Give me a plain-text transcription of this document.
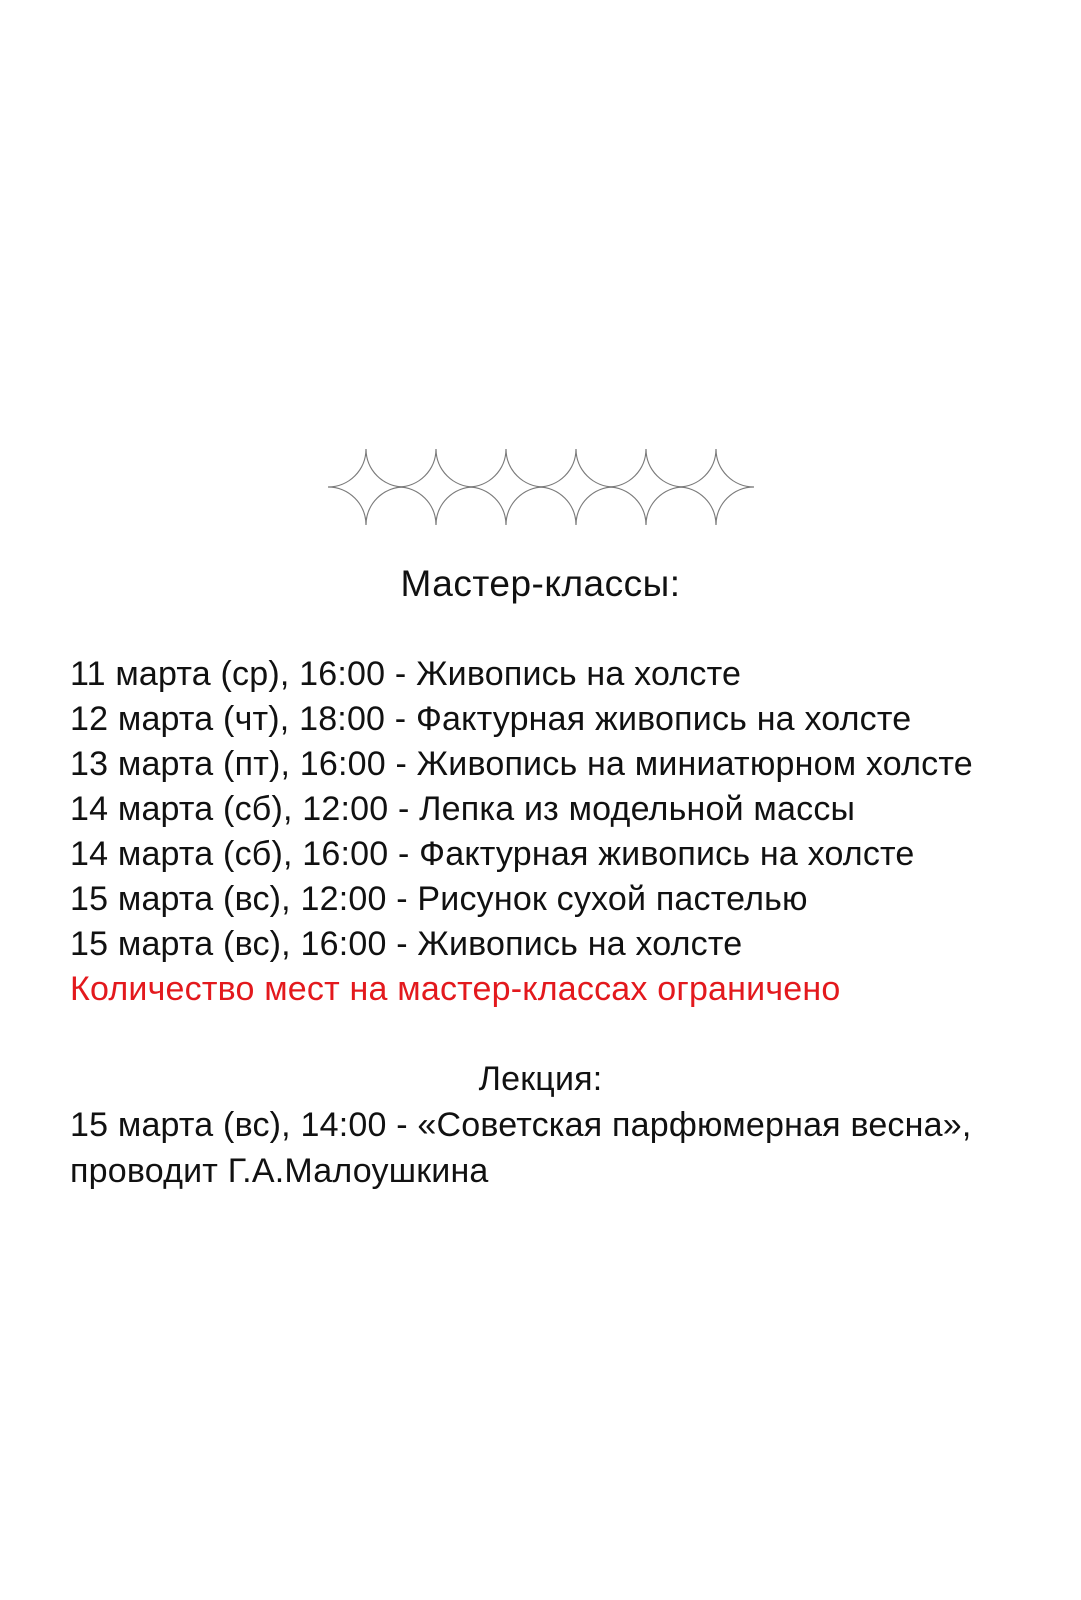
Мастер-классы:

11 марта (ср), 16:00 - Живопись на холсте

12 марта (чт), 18:00 - Фактурная живопись на холсте

13 марта (пт), 16:00 - Живопись на миниатюрном холсте

14 марта (сб), 12:00 - Лепка из модельной массы

14 марта (сб), 16:00 - Фактурная живопись на холсте

15 марта (вс), 12:00 - Рисунок сухой пастелью

15 марта (вс), 16:00 - Живопись на холсте

Количество мест на мастер-классах ограничено

Лекция:

15 марта (вс), 14:00 - «Советская парфюмерная весна»,

проводит Г.А.Малоушкина
